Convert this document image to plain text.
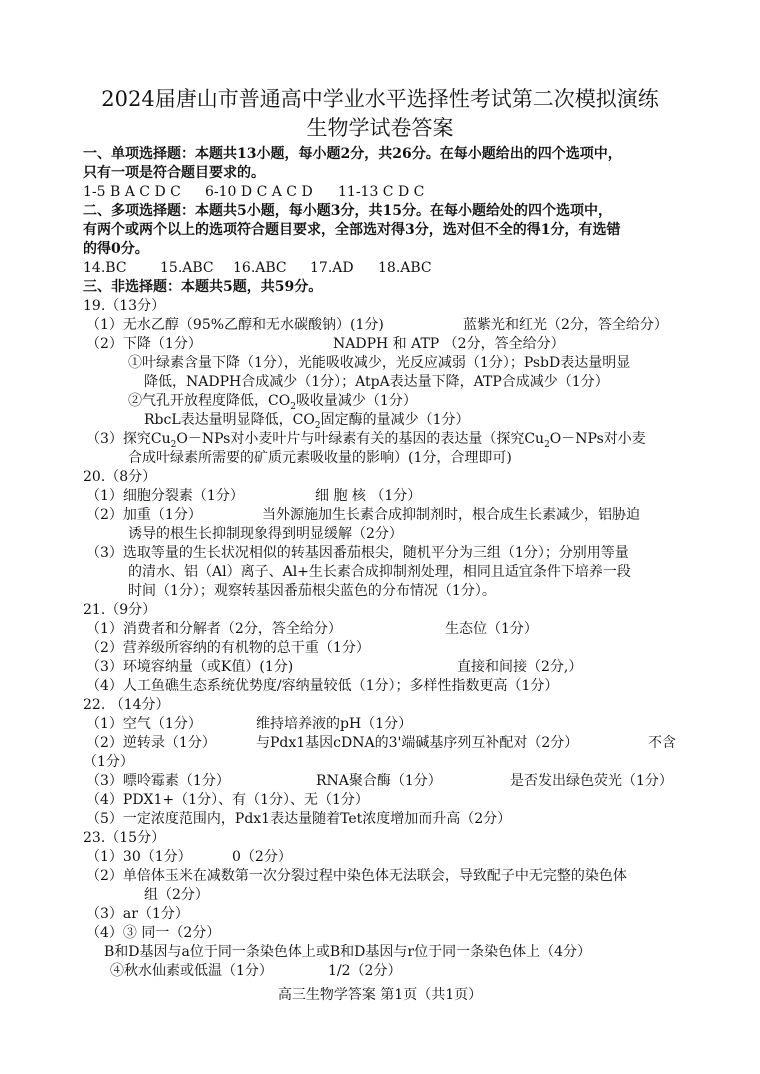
2024届唐山市普通高中学业水平选择性考试第二次模拟演练
生物学试卷答案
一、单项选择题：本题共13小题，每小题2分，共26分。在每小题给出的四个选项中，
只有一项是符合题目要求的。
1-5 B A C D C 6-10 D C A C D 11-13 C D C
二、多项选择题：本题共5小题，每小题3分，共15分。在每小题给处的四个选项中，
有两个或两个以上的选项符合题目要求，全部选对得3分，选对但不全的得1分，有选错
的得0分。
14.BC 15.ABC 16.ABC 17.AD 18.ABC
三、非选择题：本题共5题，共59分。
19.（13分）
（1）无水乙醇（95%乙醇和无水碳酸钠）(1分)	蓝紫光和红光（2分，答全给分）
（2）下降（1分）	NADPH 和 ATP （2分，答全给分）
①叶绿素含量下降（1分），光能吸收减少，光反应减弱（1分）；PsbD表达量明显
降低，NADPH合成减少（1分）；AtpA表达量下降，ATP合成减少（1分）
②气孔开放程度降低，$CO_2$吸收量减少（1分）
RbcL表达量明显降低，$CO_2$固定酶的量减少（1分）
（3）探究$Cu_2O-NPs$对小麦叶片与叶绿素有关的基因的表达量（探究$Cu_2O-NPs$对小麦
合成叶绿素所需要的矿质元素吸收量的影响）(1分，合理即可)
20.（8分）
（1）细胞分裂素（1分）	细 胞 核 （1分）
（2）加重（1分）	当外源施加生长素合成抑制剂时，根合成生长素减少，铝胁迫
诱导的根生长抑制现象得到明显缓解（2分）
（3）选取等量的生长状况相似的转基因番茄根尖，随机平分为三组（1分）；分别用等量
的清水、铝（Al）离子、Al+生长素合成抑制剂处理，相同且适宜条件下培养一段
时间（1分）；观察转基因番茄根尖蓝色的分布情况（1分）。
21.（9分）
（1）消费者和分解者（2分，答全给分）	生态位（1分）
（2）营养级所容纳的有机物的总干重（1分）
（3）环境容纳量（或K值）(1分)	直接和间接（2分,）
（4）人工鱼礁生态系统优势度/容纳量较低（1分）；多样性指数更高（1分）
22. （14分）
（1）空气（1分）	维持培养液的pH（1分）
（2）逆转录（1分）	与Pdx1基因cDNA的3'端碱基序列互补配对（2分）	不含
（1分）
（3）嘌呤霉素（1分）	RNA聚合酶（1分）	是否发出绿色荧光（1分）
（4）PDX1+（1分）、有（1分）、无（1分）
（5）一定浓度范围内，Pdx1表达量随着Tet浓度增加而升高（2分）
23.（15分）
（1）30（1分）	0（2分）
（2）单倍体玉米在减数第一次分裂过程中染色体无法联会，导致配子中无完整的染色体
组（2分）
（3）ar（1分）
（4）③ 同一（2分）
B和D基因与a位于同一条染色体上或B和D基因与r位于同一条染色体上（4分）
④秋水仙素或低温（1分）	1/2（2分）
高三生物学答案 第1页（共1页）
